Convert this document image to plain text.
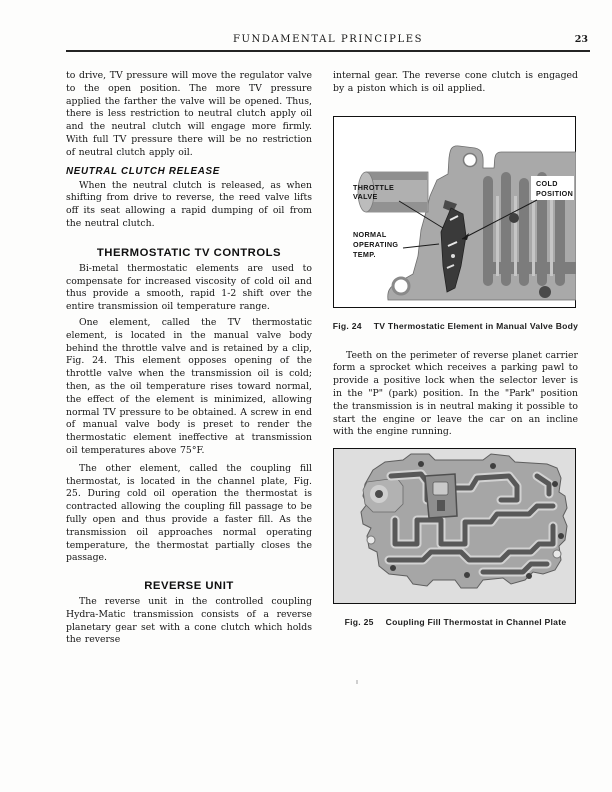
FUNDAMENTAL PRINCIPLES	23

to drive, TV pressure will move the regulator valve to the open position. The more TV pressure applied the farther the valve will be opened. Thus, there is less restriction to neutral clutch apply oil and the neutral clutch will engage more firmly. With full TV pressure there will be no restriction of neutral clutch apply oil.

NEUTRAL CLUTCH RELEASE

When the neutral clutch is released, as when shifting from drive to reverse, the reed valve lifts off its seat allowing a rapid dumping of oil from the neutral clutch.

THERMOSTATIC TV CONTROLS

Bi-metal thermostatic elements are used to compensate for increased viscosity of cold oil and thus provide a smooth, rapid 1-2 shift over the entire transmission oil temperature range.

One element, called the TV thermostatic element, is located in the manual valve body behind the throttle valve and is retained by a clip, Fig. 24. This element opposes opening of the throttle valve when the transmission oil is cold; then, as the oil temperature rises toward normal, the effect of the element is minimized, allowing normal TV pressure to be obtained. A screw in end of manual valve body is preset to render the thermostatic element ineffective at transmission oil temperatures above 75°F.

The other element, called the coupling fill thermostat, is located in the channel plate, Fig. 25. During cold oil operation the thermostat is contracted allowing the coupling fill passage to be fully open and thus provide a faster fill. As the transmission oil approaches normal operating temperature, the thermostat partially closes the passage.

REVERSE UNIT

The reverse unit in the controlled coupling Hydra-Matic transmission consists of a reverse planetary gear set with a cone clutch which holds the reverse

internal gear. The reverse cone clutch is engaged by a piston which is oil applied.

THROTTLE
VALVE
COLD
POSITION
NORMAL
OPERATING
TEMP.
Fig. 24 TV Thermostatic Element in Manual Valve Body

Teeth on the perimeter of reverse planet carrier form a sprocket which receives a parking pawl to provide a positive lock when the selector lever is in the "P" (park) position. In the "Park" position the transmission is in neutral making it possible to start the engine or leave the car on an incline with the engine running.

Fig. 25 Coupling Fill Thermostat in Channel Plate
